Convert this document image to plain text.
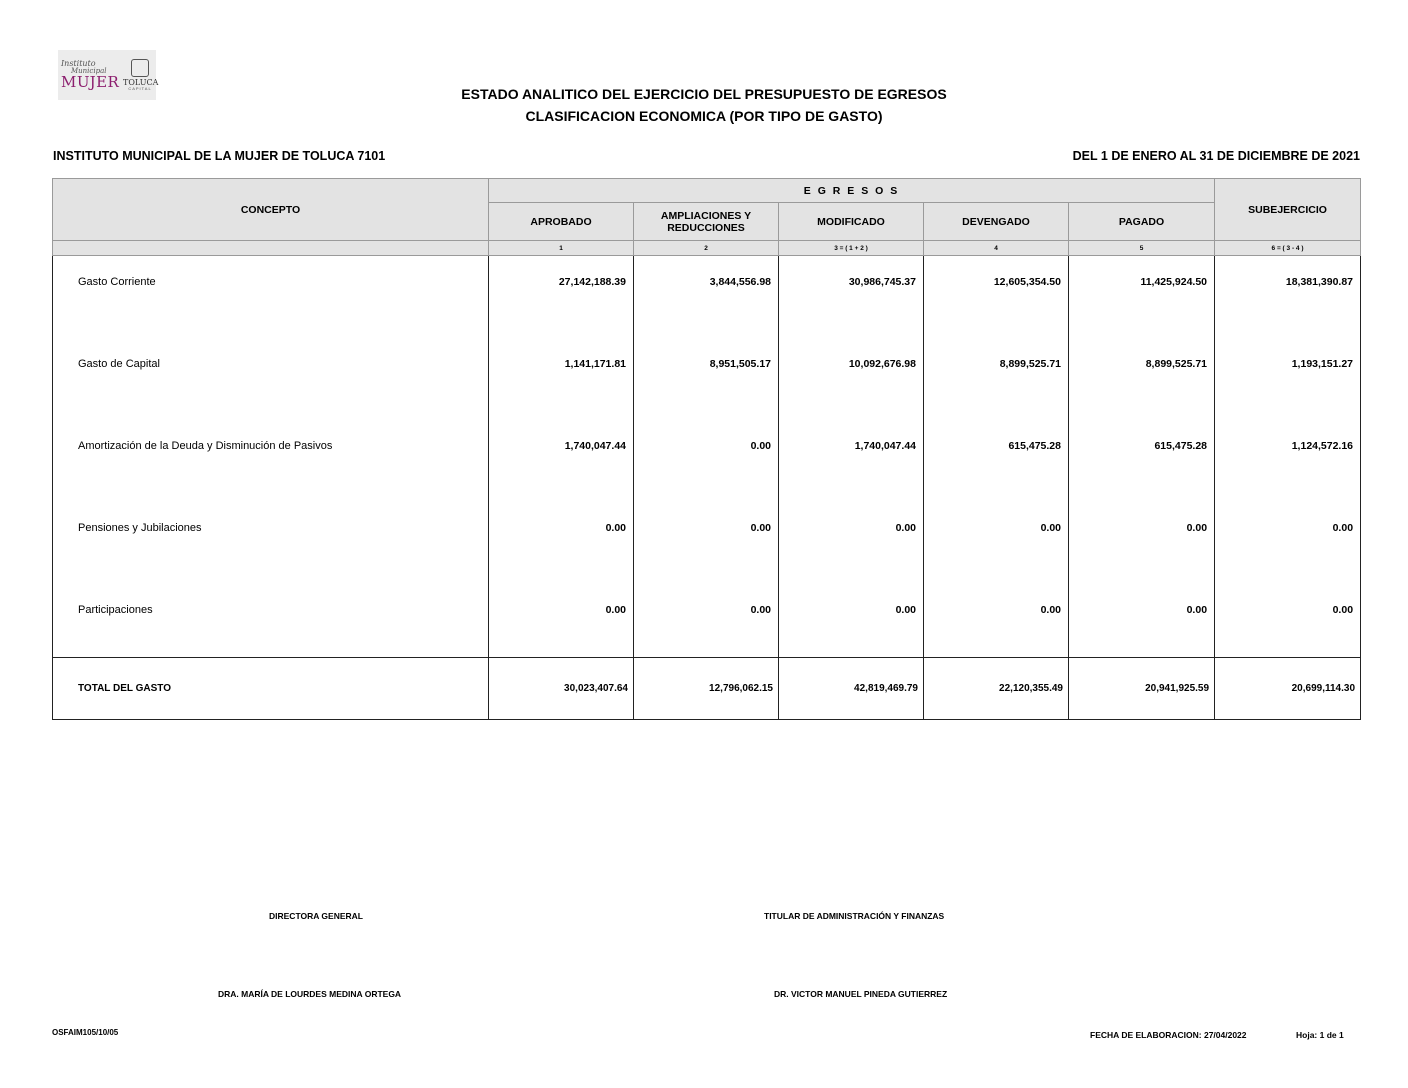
Instituto
Municipal
MUJER TOLUCA
CAPITAL	ESTADO ANALITICO DEL EJERCICIO DEL PRESUPUESTO DE EGRESOS
CLASIFICACION ECONOMICA (POR TIPO DE GASTO)
INSTITUTO MUNICIPAL DE LA MUJER DE TOLUCA 7101	DEL 1 DE ENERO AL 31 DE DICIEMBRE DE 2021
CONCEPTO	E G R E S O S					SUBEJERCICIO
	APROBADO	AMPLIACIONES Y REDUCCIONES	MODIFICADO	DEVENGADO	PAGADO	
	1	2	3 = ( 1 + 2 )	4	5	6 = ( 3 - 4 )
Gasto Corriente	27,142,188.39	3,844,556.98	30,986,745.37	12,605,354.50	11,425,924.50	18,381,390.87
Gasto de Capital	1,141,171.81	8,951,505.17	10,092,676.98	8,899,525.71	8,899,525.71	1,193,151.27
Amortización de la Deuda y Disminución de Pasivos	1,740,047.44	0.00	1,740,047.44	615,475.28	615,475.28	1,124,572.16
Pensiones y Jubilaciones	0.00	0.00	0.00	0.00	0.00	0.00
Participaciones	0.00	0.00	0.00	0.00	0.00	0.00
TOTAL DEL GASTO	30,023,407.64	12,796,062.15	42,819,469.79	22,120,355.49	20,941,925.59	20,699,114.30
DIRECTORA GENERAL	TITULAR DE ADMINISTRACIÓN Y FINANZAS
DRA. MARÍA DE LOURDES MEDINA ORTEGA	DR. VICTOR MANUEL PINEDA GUTIERREZ
OSFAIM105/10/05	FECHA DE ELABORACION: 27/04/2022	Hoja: 1 de 1
